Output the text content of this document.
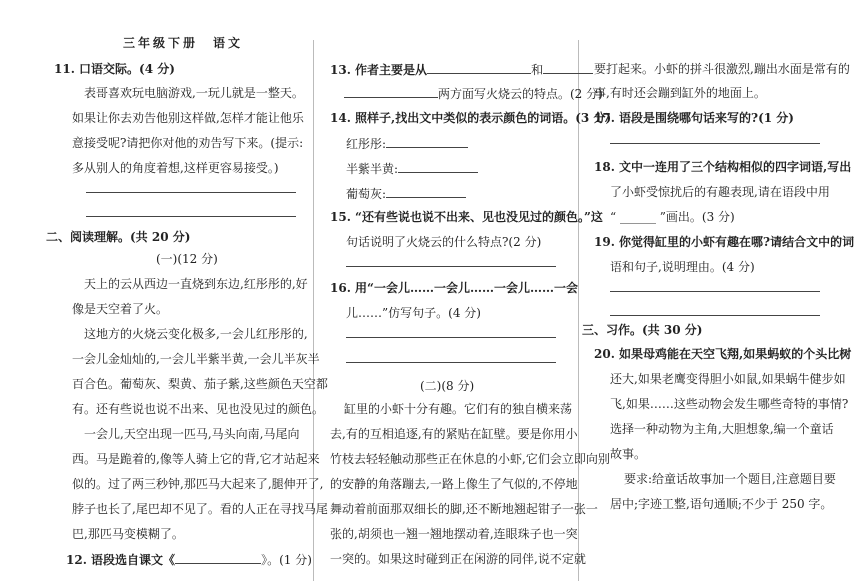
三年级下册　语文
11. 口语交际。(4 分)
表哥喜欢玩电脑游戏,一玩儿就是一整天。
如果让你去劝告他别这样做,怎样才能让他乐
意接受呢?请把你对他的劝告写下来。(提示:
多从别人的角度着想,这样更容易接受。)
二、阅读理解。(共 20 分)
(一)(12 分)
天上的云从西边一直烧到东边,红彤彤的,好
像是天空着了火。
这地方的火烧云变化极多,一会儿红彤彤的,
一会儿金灿灿的,一会儿半紫半黄,一会儿半灰半
百合色。葡萄灰、梨黄、茄子紫,这些颜色天空都
有。还有些说也说不出来、见也没见过的颜色。
一会儿,天空出现一匹马,马头向南,马尾向
西。马是跪着的,像等人骑上它的背,它才站起来
似的。过了两三秒钟,那匹马大起来了,腿伸开了,
脖子也长了,尾巴却不见了。看的人正在寻找马尾
巴,那匹马变模糊了。
12. 语段选自课文《	》。(1 分)
13. 作者主要是从	和
两方面写火烧云的特点。(2 分)
14. 照样子,找出文中类似的表示颜色的词语。(3 分)
红彤彤:
半紫半黄:
葡萄灰:
15. “还有些说也说不出来、见也没见过的颜色。”这
句话说明了火烧云的什么特点?(2 分)
16. 用“一会儿……一会儿……一会儿……一会
儿……”仿写句子。(4 分)
(二)(8 分)
缸里的小虾十分有趣。它们有的独自横来荡
去,有的互相追逐,有的紧贴在缸壁。要是你用小
竹枝去轻轻触动那些正在休息的小虾,它们会立即向别
的安静的角落蹦去,一路上像生了气似的,不停地
舞动着前面那双细长的脚,还不断地翘起钳子一张一
张的,胡须也一翘一翘地摆动着,连眼珠子也一突
一突的。如果这时碰到正在闲游的同伴,说不定就
要打起来。小虾的拼斗很激烈,蹦出水面是常有的
事,有时还会蹦到缸外的地面上。
17. 语段是围绕哪句话来写的?(1 分)
18. 文中一连用了三个结构相似的四字词语,写出
了小虾受惊扰后的有趣表现,请在语段中用
“ ______ ”画出。(3 分)
19. 你觉得缸里的小虾有趣在哪?请结合文中的词
语和句子,说明理由。(4 分)
三、习作。(共 30 分)
20. 如果母鸡能在天空飞翔,如果蚂蚁的个头比树
还大,如果老鹰变得胆小如鼠,如果蜗牛健步如
飞,如果……这些动物会发生哪些奇特的事情?
选择一种动物为主角,大胆想象,编一个童话
故事。
要求:给童话故事加一个题目,注意题目要
居中;字迹工整,语句通顺;不少于 250 字。
